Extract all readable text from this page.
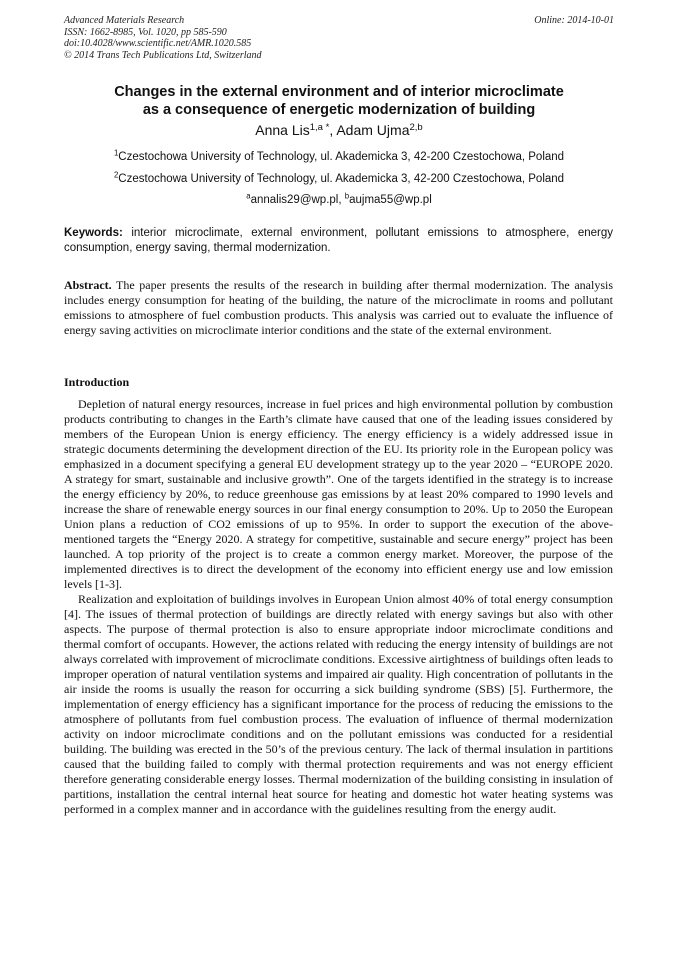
Advanced Materials Research
ISSN: 1662-8985, Vol. 1020, pp 585-590
doi:10.4028/www.scientific.net/AMR.1020.585
© 2014 Trans Tech Publications Ltd, Switzerland
Online: 2014-10-01
Changes in the external environment and of interior microclimate
as a consequence of energetic modernization of building
Anna Lis$^{1,a *}$, Adam Ujma$^{2,b}$
$^1$Czestochowa University of Technology, ul. Akademicka 3, 42-200 Czestochowa, Poland
$^2$Czestochowa University of Technology, ul. Akademicka 3, 42-200 Czestochowa, Poland
$^a$annalis29@wp.pl, $^b$aujma55@wp.pl
Keywords: interior microclimate, external environment, pollutant emissions to atmosphere, energy consumption, energy saving, thermal modernization.
Abstract. The paper presents the results of the research in building after thermal modernization. The analysis includes energy consumption for heating of the building, the nature of the microclimate in rooms and pollutant emissions to atmosphere of fuel combustion products. This analysis was carried out to evaluate the influence of energy saving activities on microclimate interior conditions and the state of the external environment.
Introduction

Depletion of natural energy resources, increase in fuel prices and high environmental pollution by combustion products contributing to changes in the Earth’s climate have caused that one of the leading issues considered by members of the European Union is energy efficiency. The energy efficiency is a widely addressed issue in strategic documents determining the development direction of the EU. Its priority role in the European policy was emphasized in a document specifying a general EU development strategy up to the year 2020 – “EUROPE 2020. A strategy for smart, sustainable and inclusive growth”. One of the targets identified in the strategy is to increase the energy efficiency by 20%, to reduce greenhouse gas emissions by at least 20% compared to 1990 levels and increase the share of renewable energy sources in our final energy consumption to 20%. Up to 2050 the European Union plans a reduction of CO2 emissions of up to 95%. In order to support the execution of the above-mentioned targets the “Energy 2020. A strategy for competitive, sustainable and secure energy” project has been launched. A top priority of the project is to create a common energy market. Moreover, the purpose of the implemented directives is to direct the development of the economy into efficient energy use and low emission levels [1-3].

Realization and exploitation of buildings involves in European Union almost 40% of total energy consumption [4]. The issues of thermal protection of buildings are directly related with energy savings but also with other aspects. The purpose of thermal protection is also to ensure appropriate indoor microclimate conditions and thermal comfort of occupants. However, the actions related with reducing the energy intensity of buildings are not always correlated with improvement of microclimate conditions. Excessive airtightness of buildings often leads to improper operation of natural ventilation systems and impaired air quality. High concentration of pollutants in the air inside the rooms is usually the reason for occurring a sick building syndrome (SBS) [5]. Furthermore, the implementation of energy efficiency has a significant importance for the process of reducing the emissions to the atmosphere of pollutants from fuel combustion process. The evaluation of influence of thermal modernization activity on indoor microclimate conditions and on the pollutant emissions was conducted for a residential building. The building was erected in the 50’s of the previous century. The lack of thermal insulation in partitions caused that the building failed to comply with thermal protection requirements and was not energy efficient therefore generating considerable energy losses. Thermal modernization of the building consisting in insulation of partitions, installation the central internal heat source for heating and domestic hot water heating systems was performed in a complex manner and in accordance with the guidelines resulting from the energy audit.
